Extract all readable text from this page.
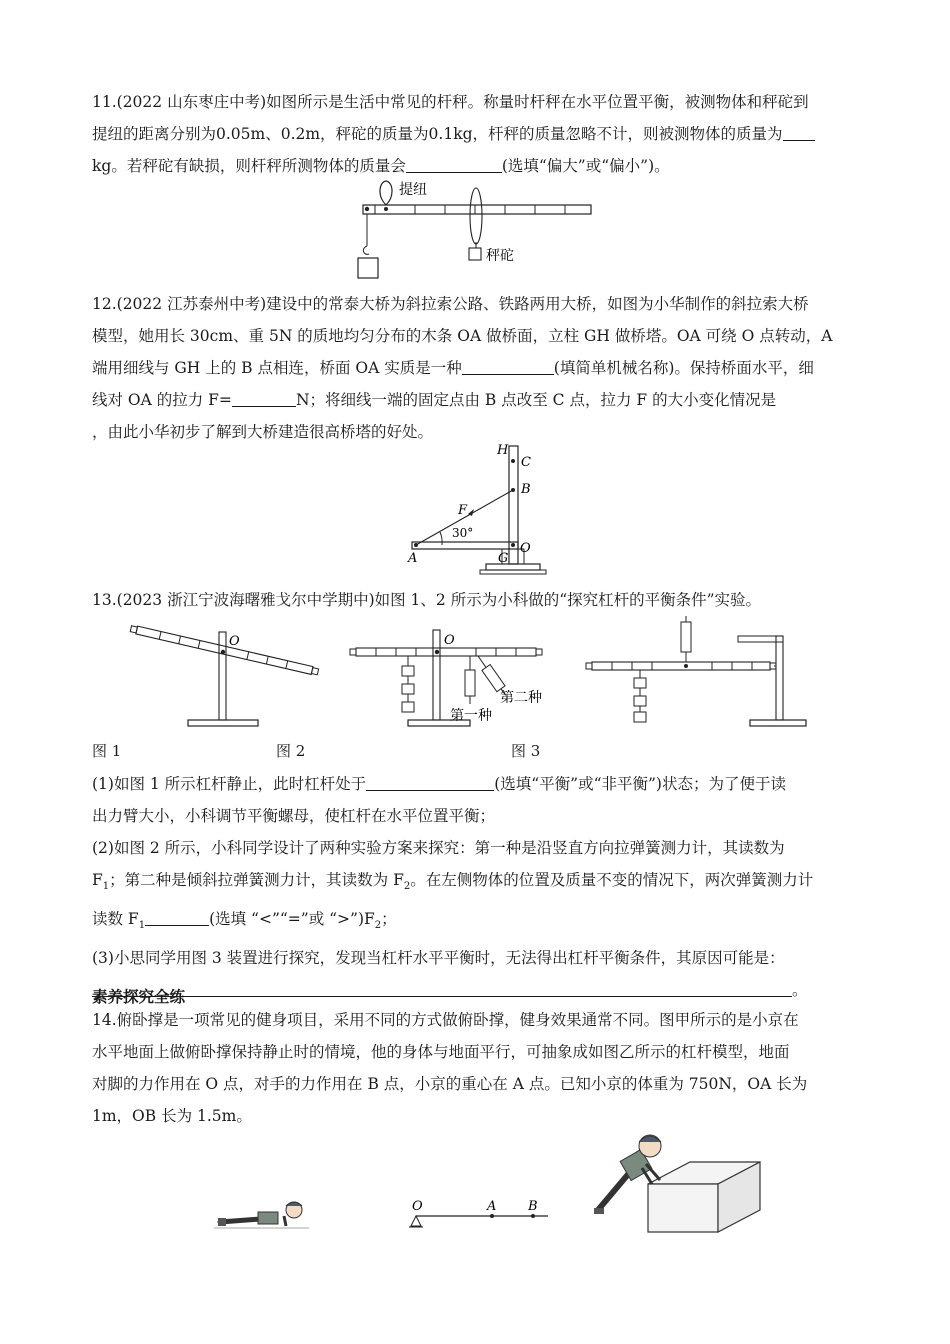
11.(2022 山东枣庄中考)如图所示是生活中常见的杆秤。称量时杆秤在水平位置平衡，被测物体和秤砣到
提纽的距离分别为0.05m、0.2m，秤砣的质量为0.1kg，杆秤的质量忽略不计，则被测物体的质量为
kg。若秤砣有缺损，则杆秤所测物体的质量会	(选填“偏大”或“偏小”)。
提纽
秤砣
12.(2022 江苏泰州中考)建设中的常泰大桥为斜拉索公路、铁路两用大桥，如图为小华制作的斜拉索大桥
模型，她用长 30cm、重 5N 的质地均匀分布的木条 OA 做桥面，立柱 GH 做桥塔。OA 可绕 O 点转动，A
端用细线与 GH 上的 B 点相连，桥面 OA 实质是一种	(填简单机械名称)。保持桥面水平，细
线对 OA 的拉力 F=	N；将细线一端的固定点由 B 点改至 C 点，拉力 F 的大小变化情况是
，由此小华初步了解到大桥建造很高桥塔的好处。
H
C
B
F
30°
A	G
O
13.(2023 浙江宁波海曙雅戈尔中学期中)如图 1、2 所示为小科做的“探究杠杆的平衡条件”实验。
O	O
第二种
第一种
图 1	图 2	图 3
(1)如图 1 所示杠杆静止，此时杠杆处于	(选填“平衡”或“非平衡”)状态；为了便于读
出力臂大小，小科调节平衡螺母，使杠杆在水平位置平衡；
(2)如图 2 所示，小科同学设计了两种实验方案来探究：第一种是沿竖直方向拉弹簧测力计，其读数为
$F_1$；第二种是倾斜拉弹簧测力计，其读数为 $F_2$。在左侧物体的位置及质量不变的情况下，两次弹簧测力计
读数 $F_1$	(选填 “<”“=”或 “$>”)F_2$；
(3)小思同学用图 3 装置进行探究，发现当杠杆水平平衡时，无法得出杠杆平衡条件，其原因可能是：
。
素养探究全练
14.俯卧撑是一项常见的健身项目，采用不同的方式做俯卧撑，健身效果通常不同。图甲所示的是小京在
水平地面上做俯卧撑保持静止时的情境，他的身体与地面平行，可抽象成如图乙所示的杠杆模型，地面
对脚的力作用在 O 点，对手的力作用在 B 点，小京的重心在 A 点。已知小京的体重为 750N，OA 长为
1m，OB 长为 1.5m。
O	A B
